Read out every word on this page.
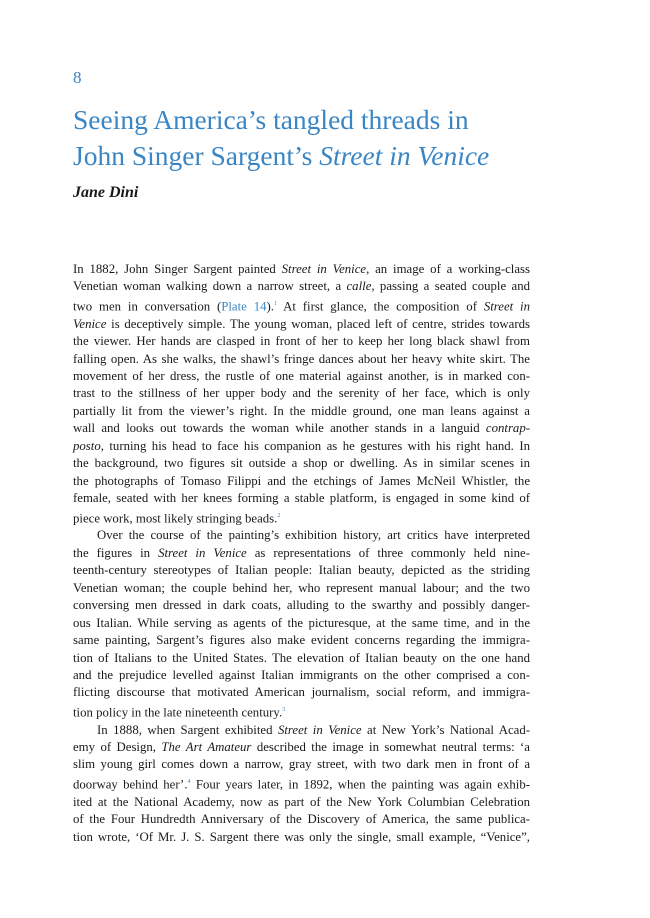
8

Seeing America’s tangled threads in
John Singer Sargent’s Street in Venice

Jane Dini

In 1882, John Singer Sargent painted Street in Venice, an image of a working-class
Venetian woman walking down a narrow street, a calle, passing a seated couple and
two men in conversation (Plate 14).$^1$ At first glance, the composition of Street in
Venice is deceptively simple. The young woman, placed left of centre, strides towards
the viewer. Her hands are clasped in front of her to keep her long black shawl from
falling open. As she walks, the shawl’s fringe dances about her heavy white skirt. The
movement of her dress, the rustle of one material against another, is in marked con-
trast to the stillness of her upper body and the serenity of her face, which is only
partially lit from the viewer’s right. In the middle ground, one man leans against a
wall and looks out towards the woman while another stands in a languid contrap-
posto, turning his head to face his companion as he gestures with his right hand. In
the background, two figures sit outside a shop or dwelling. As in similar scenes in
the photographs of Tomaso Filippi and the etchings of James McNeil Whistler, the
female, seated with her knees forming a stable platform, is engaged in some kind of
piece work, most likely stringing beads.$^2$

Over the course of the painting’s exhibition history, art critics have interpreted
the figures in Street in Venice as representations of three commonly held nine-
teenth-century stereotypes of Italian people: Italian beauty, depicted as the striding
Venetian woman; the couple behind her, who represent manual labour; and the two
conversing men dressed in dark coats, alluding to the swarthy and possibly danger-
ous Italian. While serving as agents of the picturesque, at the same time, and in the
same painting, Sargent’s figures also make evident concerns regarding the immigra-
tion of Italians to the United States. The elevation of Italian beauty on the one hand
and the prejudice levelled against Italian immigrants on the other comprised a con-
flicting discourse that motivated American journalism, social reform, and immigra-
tion policy in the late nineteenth century.$^3$

In 1888, when Sargent exhibited Street in Venice at New York’s National Acad-
emy of Design, The Art Amateur described the image in somewhat neutral terms: ‘a
slim young girl comes down a narrow, gray street, with two dark men in front of a
doorway behind her’.$^4$ Four years later, in 1892, when the painting was again exhib-
ited at the National Academy, now as part of the New York Columbian Celebration
of the Four Hundredth Anniversary of the Discovery of America, the same publica-
tion wrote, ‘Of Mr. J. S. Sargent there was only the single, small example, “Venice”,
